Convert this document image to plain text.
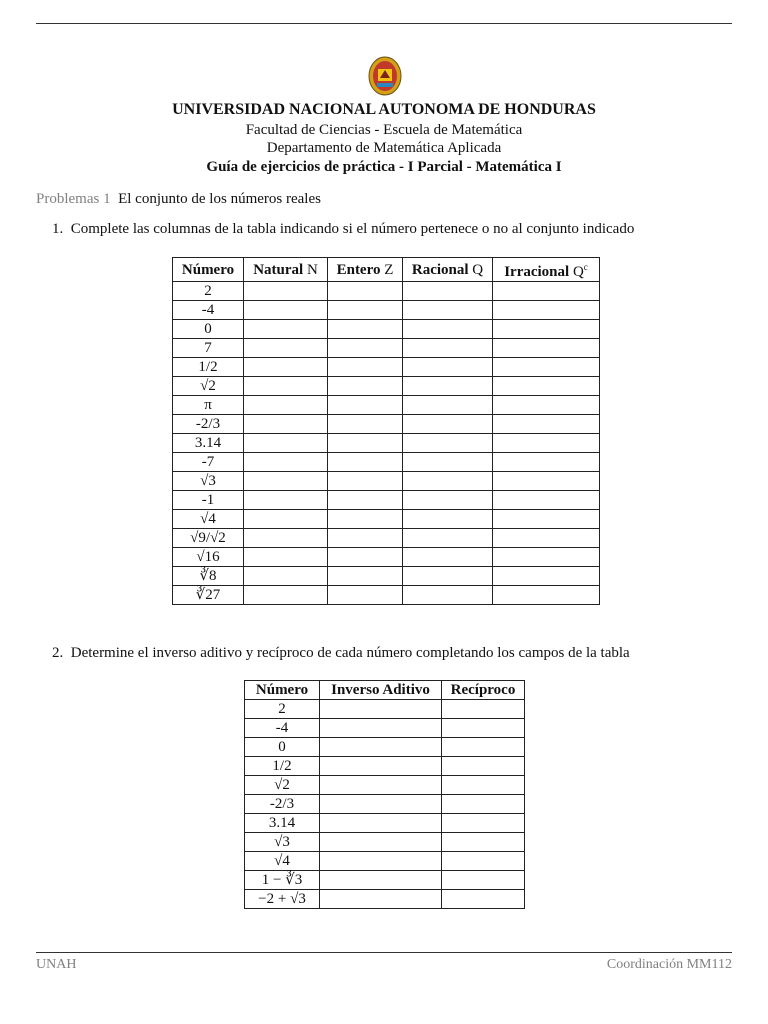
UNIVERSIDAD NACIONAL AUTONOMA DE HONDURAS
Facultad de Ciencias - Escuela de Matemática
Departamento de Matemática Aplicada
Guía de ejercicios de práctica - I Parcial - Matemática I
Problemas 1 El conjunto de los números reales
1. Complete las columnas de la tabla indicando si el número pertenece o no al conjunto indicado
Número	Natural N	Entero Z	Racional Q	Irracional $Q^c$
2				
-4				
0				
7				
1/2				
√2				
π				
-2/3				
3.14				
-7				
√3				
-1				
√4				
√9/√2				
√16				
∛8				
∛27				
2. Determine el inverso aditivo y recíproco de cada número completando los campos de la tabla
Número	Inverso Aditivo	Recíproco
2		
-4		
0		
1/2		
√2		
-2/3		
3.14		
√3		
√4		
1 − ∛3		
−2 + √3		
UNAH	Coordinación MM112
